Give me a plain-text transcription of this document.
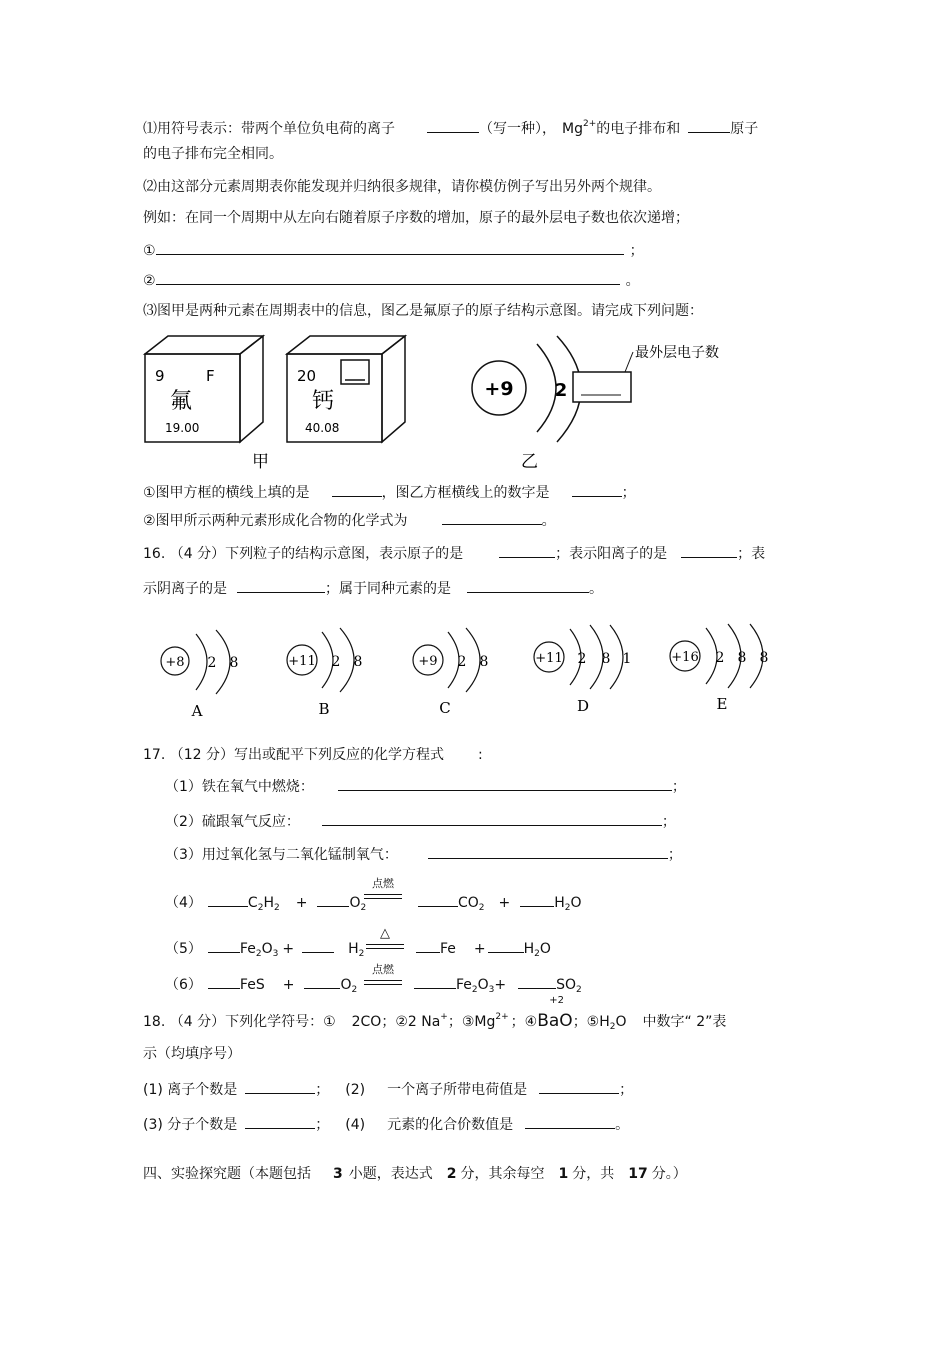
⑴用符号表示：带两个单位负电荷的离子	（写一种）， $Mg^{2+}$的电子排布和	原子
的电子排布完全相同。
⑵由这部分元素周期表你能发现并归纳很多规律，请你模仿例子写出另外两个规律。
例如：在同一个周期中从左向右随着原子序数的增加，原子的最外层电子数也依次递增；
①	；
②	。
⑶图甲是两种元素在周期表中的信息，图乙是氟原子的原子结构示意图。请完成下列问题：
9	F
氟
19.00
20
钙
40.08
甲
+9 2
最外层电子数
乙
①图甲方框的横线上填的是	，图乙方框横线上的数字是	；
②图甲所示两种元素形成化合物的化学式为	。
16. （4 分）下列粒子的结构示意图，表示原子的是	；表示阳离子的是	；表
示阴离子的是	；属于同种元素的是	。
+8 2 8
A
+11 2 8
B
+9 2 8
C
+11 2 8 1
D
+16 2 8 8
E
17. （12 分）写出或配平下列反应的化学方程式 :
（1）铁在氧气中燃烧：	；
（2）硫跟氧气反应：	；
（3）用过氧化氢与二氧化锰制氧气：	；
（4）	$C_2H_2$ +	$O_2$
点燃
$CO_2$ +	$H_2O$
（5）	$Fe_2O_3$ +	$H_2$
△
Fe +	$H_2O$
（6）	FeS +	$O_2$
点燃
$Fe_2O_3+$	$SO_2$
18. （4 分）下列化学符号：① 2CO；②2 Na+；$③Mg^{2+}$ ；④
+2
BaO；$⑤H_2O$ 中数字“ 2”表
示（均填序号）
(1) 离子个数是	； (2) 一个离子所带电荷值是	；
(3) 分子个数是	； (4) 元素的化合价数值是	。
四、实验探究题（本题包括 3 小题，表达式 2 分，其余每空 1 分，共 17 分。）
